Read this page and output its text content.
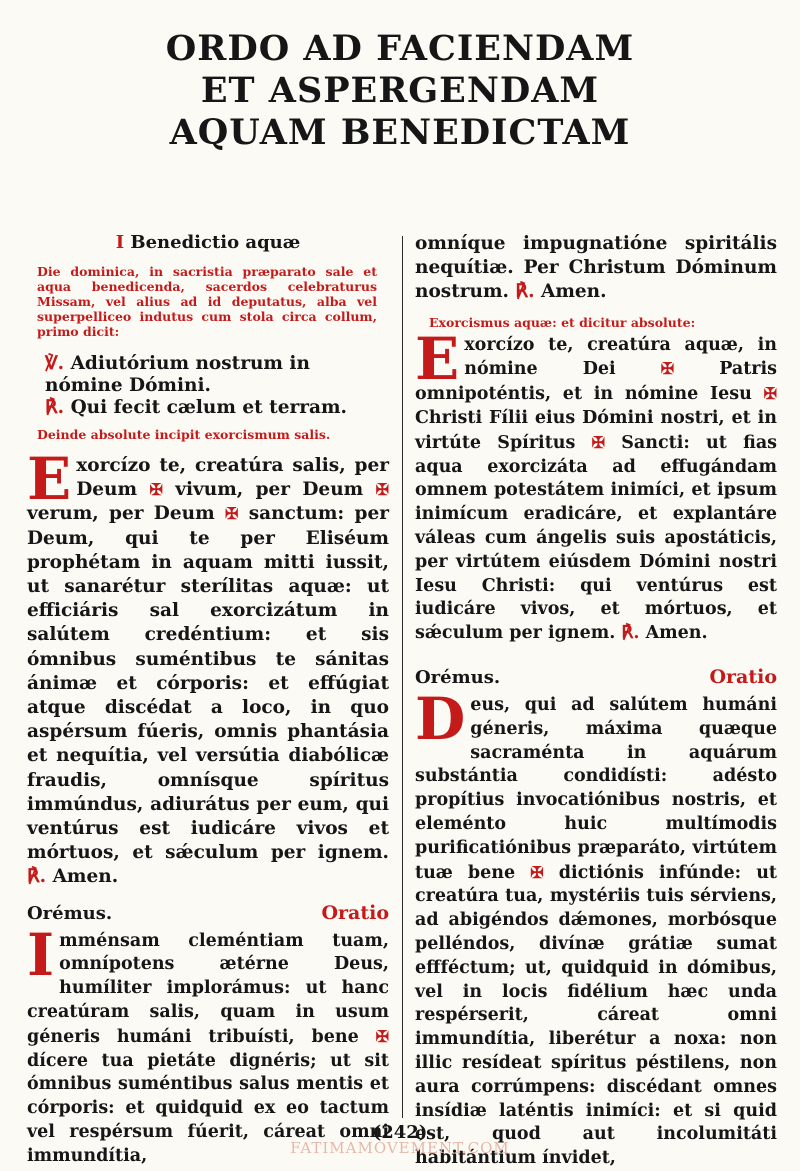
ORDO AD FACIENDAM
ET ASPERGENDAM
AQUAM BENEDICTAM
I Benedictio aquæ

Die dominica, in sacristia præparato sale et aqua benedicenda, sacerdos celebraturus Missam, vel alius ad id deputatus, alba vel superpelliceo indutus cum stola circa collum, primo dicit:

℣. Adiutórium nostrum in nómine Dómini.

℟. Qui fecit cælum et terram.

Deinde absolute incipit exorcismum salis.

E xorcízo te, creatúra salis, per Deum ✠ vivum, per Deum ✠ verum, per Deum ✠ sanctum: per Deum, qui te per Eliséum prophétam in aquam mitti iussit, ut sanarétur sterílitas aquæ: ut efficiáris sal exorcizátum in salútem credéntium: et sis ómnibus suméntibus te sánitas ánimæ et córporis: et effúgiat atque discédat a loco, in quo aspérsum fúeris, omnis phantásia et nequítia, vel versútia diabólicæ fraudis, omnísque spíritus immúndus, adiurátus per eum, qui ventúrus est iudicáre vivos et mórtuos, et sǽculum per ignem. ℟. Amen.

Orémus.	Oratio

I mménsam cleméntiam tuam, omnípotens ætérne Deus, humíliter implorámus: ut hanc creatúram salis, quam in usum géneris humáni tribuísti, bene ✠ dícere tua pietáte dignéris; ut sit ómnibus suméntibus salus mentis et córporis: et quidquid ex eo tactum vel respérsum fúerit, cáreat omni immundítia,

omníque impugnatióne spiritális nequítiæ. Per Christum Dóminum nostrum. ℟. Amen.

Exorcismus aquæ: et dicitur absolute:

E xorcízo te, creatúra aquæ, in nómine Dei	✠	Patris omnipoténtis, et in nómine Iesu ✠ Christi Fílii eius Dómini nostri, et in virtúte Spíritus ✠ Sancti: ut fias aqua exorcizáta ad effugándam omnem potestátem inimíci, et ipsum inimícum eradicáre, et explantáre váleas cum ángelis suis apostáticis, per virtútem eiúsdem Dómini nostri Iesu Christi: qui ventúrus est iudicáre vivos, et mórtuos, et sǽculum per ignem. ℟. Amen.

Orémus.	Oratio

D eus, qui ad salútem humáni géneris, máxima quæque sacraménta in aquárum substántia condidísti: adésto propítius invocatiónibus nostris, et eleménto huic multímodis purificatiónibus præparáto, virtútem tuæ bene ✠ dictiónis infúnde: ut creatúra tua, mystériis tuis sérviens, ad abigéndos dǽmones, morbósque pelléndos, divínæ grátiæ sumat effféctum; ut, quidquid in dómibus, vel in locis fidélium hæc unda respérserit, cáreat omni immundítia, liberétur a noxa: non illic resídeat spíritus péstilens, non aura corrúmpens: discédant omnes insídiæ laténtis inimíci: et si quid est, quod aut incolumitáti habitántium ínvidet,

(242)
FATIMAMOVEMENT.COM
